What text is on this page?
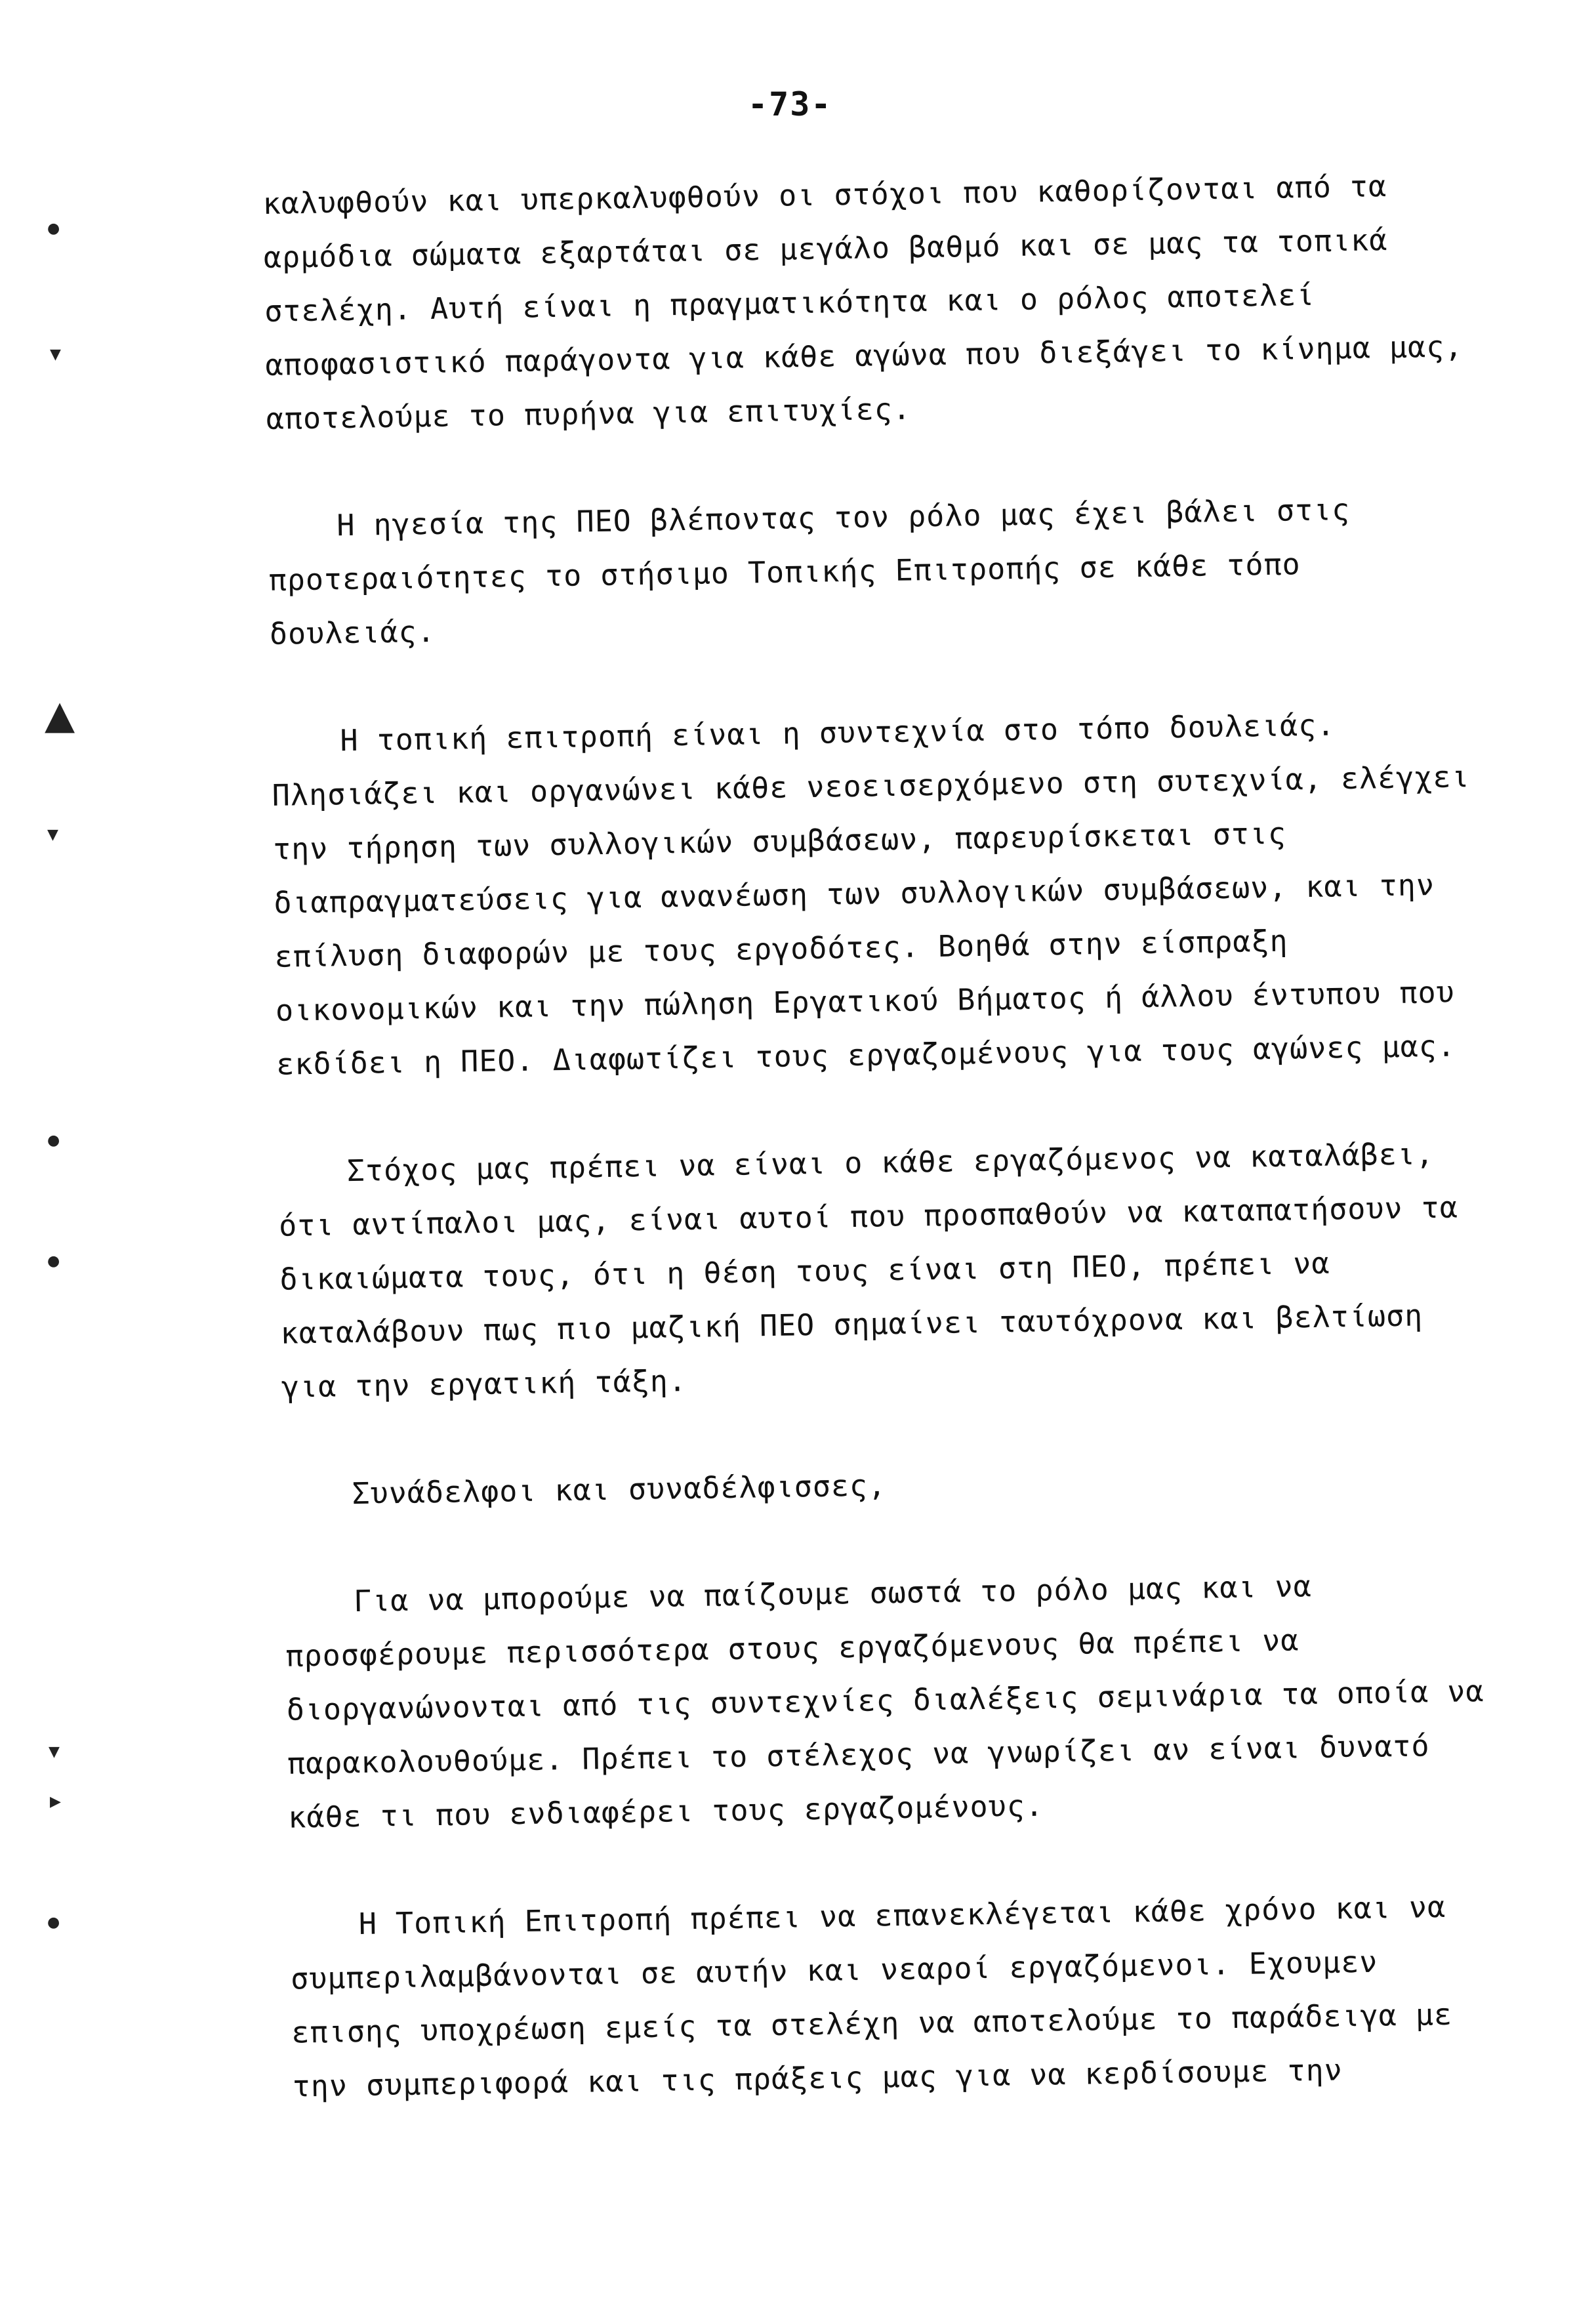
-73-
καλυφθούν και υπερκαλυφθούν οι στόχοι που καθορίζονται από τα
αρμόδια σώματα εξαρτάται σε μεγάλο βαθμό και σε μας τα τοπικά
στελέχη. Αυτή είναι η πραγματικότητα και ο ρόλος αποτελεί
αποφασιστικό παράγοντα για κάθε αγώνα που διεξάγει το κίνημα μας,
αποτελούμε το πυρήνα για επιτυχίες.
Η ηγεσία της ΠΕΟ βλέποντας τον ρόλο μας έχει βάλει στις
προτεραιότητες το στήσιμο Τοπικής Επιτροπής σε κάθε τόπο
δουλειάς.
Η τοπική επιτροπή είναι η συντεχνία στο τόπο δουλειάς.
Πλησιάζει και οργανώνει κάθε νεοεισερχόμενο στη συτεχνία, ελέγχει
την τήρηση των συλλογικών συμβάσεων, παρευρίσκεται στις
διαπραγματεύσεις για ανανέωση των συλλογικών συμβάσεων, και την
επίλυση διαφορών με τους εργοδότες. Βοηθά στην είσπραξη
οικονομικών και την πώληση Εργατικού Βήματος ή άλλου έντυπου που
εκδίδει η ΠΕΟ. Διαφωτίζει τους εργαζομένους για τους αγώνες μας.
Στόχος μας πρέπει να είναι ο κάθε εργαζόμενος να καταλάβει,
ότι αντίπαλοι μας, είναι αυτοί που προσπαθούν να καταπατήσουν τα
δικαιώματα τους, ότι η θέση τους είναι στη ΠΕΟ, πρέπει να
καταλάβουν πως πιο μαζική ΠΕΟ σημαίνει ταυτόχρονα και βελτίωση
για την εργατική τάξη.
Συνάδελφοι και συναδέλφισσες,
Για να μπορούμε να παίζουμε σωστά το ρόλο μας και να
προσφέρουμε περισσότερα στους εργαζόμενους θα πρέπει να
διοργανώνονται από τις συντεχνίες διαλέξεις σεμινάρια τα οποία να
παρακολουθούμε. Πρέπει το στέλεχος να γνωρίζει αν είναι δυνατό
κάθε τι που ενδιαφέρει τους εργαζομένους.
Η Τοπική Επιτροπή πρέπει να επανεκλέγεται κάθε χρόνο και να
συμπεριλαμβάνονται σε αυτήν και νεαροί εργαζόμενοι. Εχουμεν
επισης υποχρέωση εμείς τα στελέχη να αποτελούμε το παράδειγα με
την συμπεριφορά και τις πράξεις μας για να κερδίσουμε την
●
▼
▲
▼
●
●
▼
▶
●
